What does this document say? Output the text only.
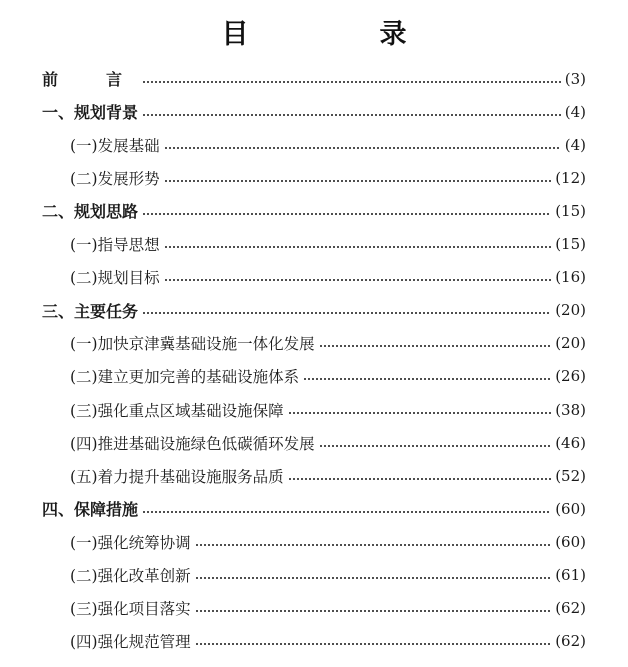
目　录
前　言	(3)
一、规划背景	(4)
(一)发展基础	(4)
(二)发展形势	(12)
二、规划思路	(15)
(一)指导思想	(15)
(二)规划目标	(16)
三、主要任务	(20)
(一)加快京津冀基础设施一体化发展	(20)
(二)建立更加完善的基础设施体系	(26)
(三)强化重点区域基础设施保障	(38)
(四)推进基础设施绿色低碳循环发展	(46)
(五)着力提升基础设施服务品质	(52)
四、保障措施	(60)
(一)强化统筹协调	(60)
(二)强化改革创新	(61)
(三)强化项目落实	(62)
(四)强化规范管理	(62)
